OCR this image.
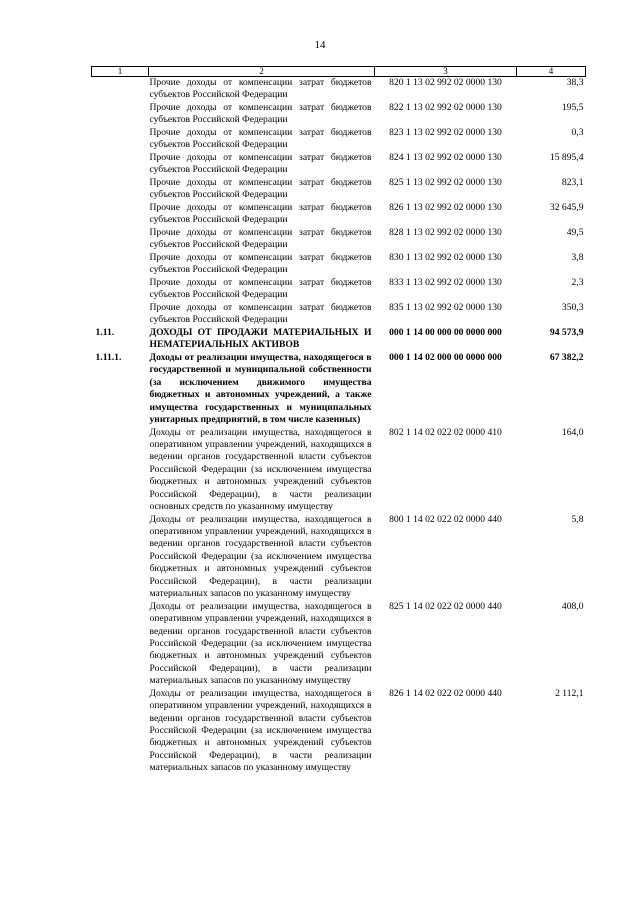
14
1	2	3	4
	Прочие доходы от компенсации затрат бюджетов субъектов Российской Федерации	820 1 13 02 992 02 0000 130	38,3
	Прочие доходы от компенсации затрат бюджетов субъектов Российской Федерации	822 1 13 02 992 02 0000 130	195,5
	Прочие доходы от компенсации затрат бюджетов субъектов Российской Федерации	823 1 13 02 992 02 0000 130	0,3
	Прочие доходы от компенсации затрат бюджетов субъектов Российской Федерации	824 1 13 02 992 02 0000 130	15 895,4
	Прочие доходы от компенсации затрат бюджетов субъектов Российской Федерации	825 1 13 02 992 02 0000 130	823,1
	Прочие доходы от компенсации затрат бюджетов субъектов Российской Федерации	826 1 13 02 992 02 0000 130	32 645,9
	Прочие доходы от компенсации затрат бюджетов субъектов Российской Федерации	828 1 13 02 992 02 0000 130	49,5
	Прочие доходы от компенсации затрат бюджетов субъектов Российской Федерации	830 1 13 02 992 02 0000 130	3,8
	Прочие доходы от компенсации затрат бюджетов субъектов Российской Федерации	833 1 13 02 992 02 0000 130	2,3
	Прочие доходы от компенсации затрат бюджетов субъектов Российской Федерации	835 1 13 02 992 02 0000 130	350,3
1.11.	ДОХОДЫ ОТ ПРОДАЖИ МАТЕРИАЛЬНЫХ И НЕМАТЕРИАЛЬНЫХ АКТИВОВ	000 1 14 00 000 00 0000 000	94 573,9
1.11.1.	Доходы от реализации имущества, находящегося в государственной и муниципальной собственности (за исключением движимого имущества бюджетных и автономных учреждений, а также имущества государственных и муниципальных унитарных предприятий, в том числе казенных)	000 1 14 02 000 00 0000 000	67 382,2
	Доходы от реализации имущества, находящегося в оперативном управлении учреждений, находящихся в ведении органов государственной власти субъектов Российской Федерации (за исключением имущества бюджетных и автономных учреждений субъектов Российской Федерации), в части реализации основных средств по указанному имуществу	802 1 14 02 022 02 0000 410	164,0
	Доходы от реализации имущества, находящегося в оперативном управлении учреждений, находящихся в ведении органов государственной власти субъектов Российской Федерации (за исключением имущества бюджетных и автономных учреждений субъектов Российской Федерации), в части реализации материальных запасов по указанному имуществу	800 1 14 02 022 02 0000 440	5,8
	Доходы от реализации имущества, находящегося в оперативном управлении учреждений, находящихся в ведении органов государственной власти субъектов Российской Федерации (за исключением имущества бюджетных и автономных учреждений субъектов Российской Федерации), в части реализации материальных запасов по указанному имуществу	825 1 14 02 022 02 0000 440	408,0
	Доходы от реализации имущества, находящегося в оперативном управлении учреждений, находящихся в ведении органов государственной власти субъектов Российской Федерации (за исключением имущества бюджетных и автономных учреждений субъектов Российской Федерации), в части реализации материальных запасов по указанному имуществу	826 1 14 02 022 02 0000 440	2 112,1
